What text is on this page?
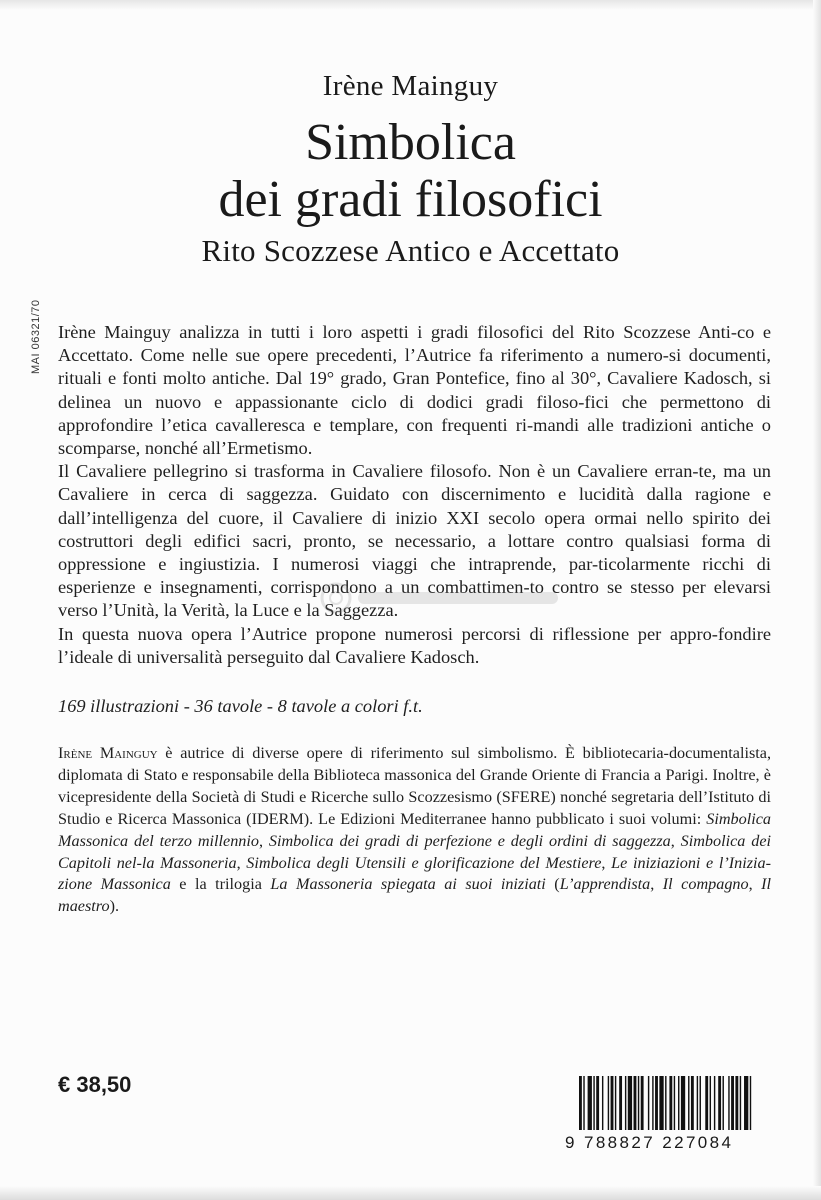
Irène Mainguy
Simbolica
dei gradi filosofici
Rito Scozzese Antico e Accettato
MAI 06321/70 Irène Mainguy analizza in tutti i loro aspetti i gradi filosofici del Rito Scozzese Anti-co e Accettato. Come nelle sue opere precedenti, l’Autrice fa riferimento a numero-si documenti, rituali e fonti molto antiche. Dal 19° grado, Gran Pontefice, fino al 30°, Cavaliere Kadosch, si delinea un nuovo e appassionante ciclo di dodici gradi filoso-fici che permettono di approfondire l’etica cavalleresca e templare, con frequenti ri-mandi alle tradizioni antiche o scomparse, nonché all’Ermetismo.

Il Cavaliere pellegrino si trasforma in Cavaliere filosofo. Non è un Cavaliere erran-te, ma un Cavaliere in cerca di saggezza. Guidato con discernimento e lucidità dalla ragione e dall’intelligenza del cuore, il Cavaliere di inizio XXI secolo opera ormai nello spirito dei costruttori degli edifici sacri, pronto, se necessario, a lottare contro qualsiasi forma di oppressione e ingiustizia. I numerosi viaggi che intraprende, par-ticolarmente ricchi di esperienze e insegnamenti, corrispondono a un combattimen-to contro se stesso per elevarsi verso l’Unità, la Verità, la Luce e la Saggezza.

In questa nuova opera l’Autrice propone numerosi percorsi di riflessione per appro-fondire l’ideale di universalità perseguito dal Cavaliere Kadosch.

169 illustrazioni - 36 tavole - 8 tavole a colori f.t.
Irène Mainguy è autrice di diverse opere di riferimento sul simbolismo. È bibliotecaria-documentalista, diplomata di Stato e responsabile della Biblioteca massonica del Grande Oriente di Francia a Parigi. Inoltre, è vicepresidente della Società di Studi e Ricerche sullo Scozzesismo (SFERE) nonché segretaria dell’Istituto di Studio e Ricerca Massonica (IDERM). Le Edizioni Mediterranee hanno pubblicato i suoi volumi: Simbolica Massonica del terzo millennio, Simbolica dei gradi di perfezione e degli ordini di saggezza, Simbolica dei Capitoli nel-la Massoneria, Simbolica degli Utensili e glorificazione del Mestiere, Le iniziazioni e l’Inizia-zione Massonica e la trilogia La Massoneria spiegata ai suoi iniziati (L’apprendista, Il compagno, Il maestro).
€ 38,50
9 788827 227084
